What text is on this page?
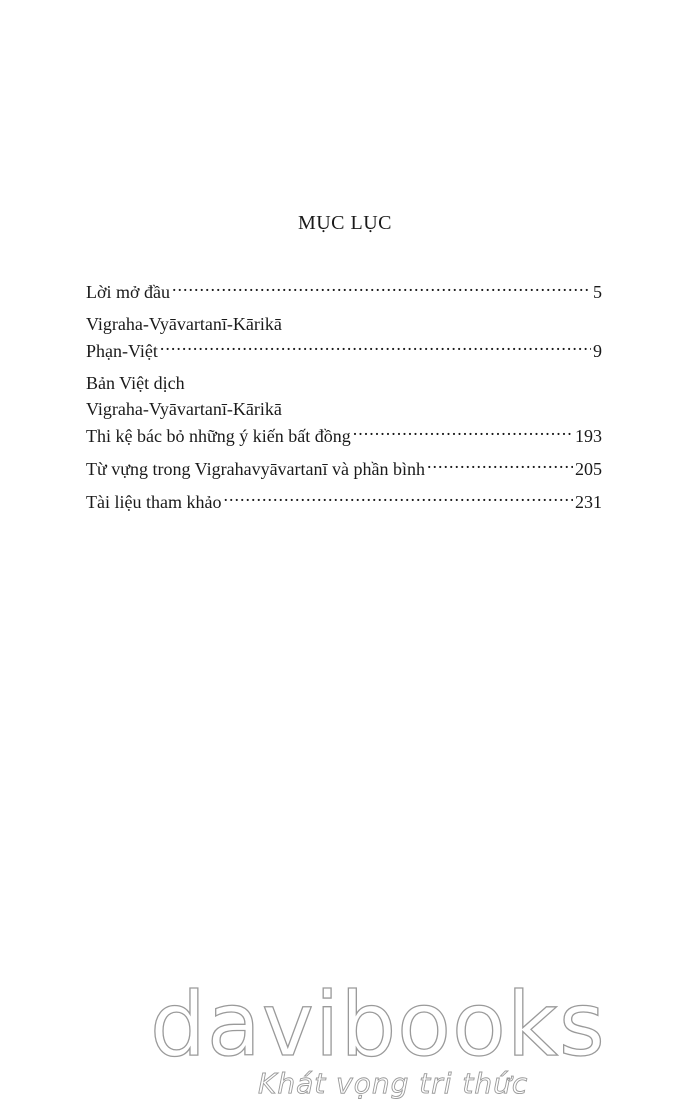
MỤC LỤC
Lời mở đầu .....	5
Vigraha-Vyāvartanī-Kārikā
Phạn-Việt .....	9
Bản Việt dịch
Vigraha-Vyāvartanī-Kārikā
Thi kệ bác bỏ những ý kiến bất đồng .....	193
Từ vựng trong Vigrahavyāvartanī và phần bình .....	205
Tài liệu tham khảo .....	231
davibooks
Khát vọng tri thức
